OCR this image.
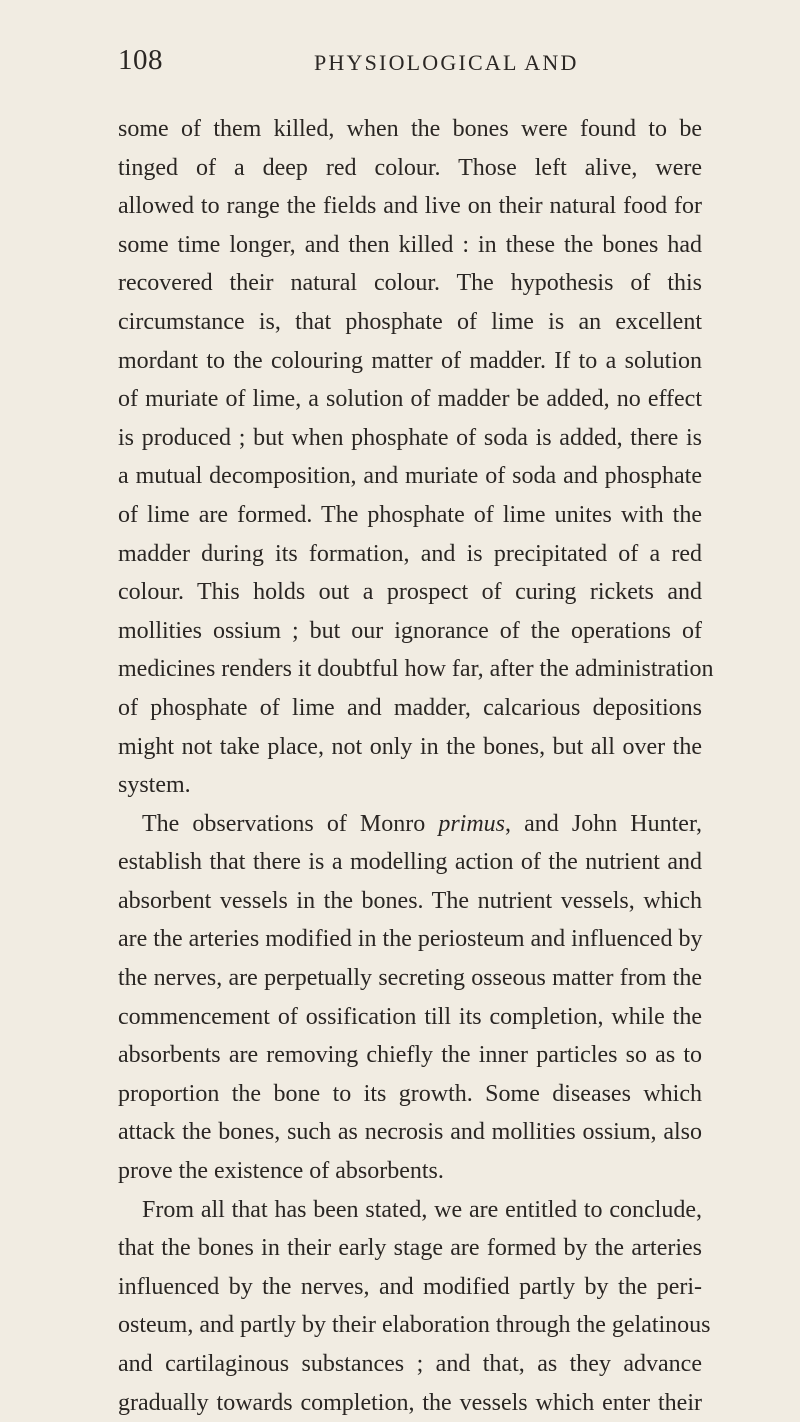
108	PHYSIOLOGICAL AND
some of them killed, when the bones were found to be
tinged of a deep red colour. Those left alive, were
allowed to range the fields and live on their natural food for
some time longer, and then killed : in these the bones had
recovered their natural colour. The hypothesis of this
circumstance is, that phosphate of lime is an excellent
mordant to the colouring matter of madder. If to a solution
of muriate of lime, a solution of madder be added, no effect
is produced ; but when phosphate of soda is added, there is
a mutual decomposition, and muriate of soda and phosphate
of lime are formed. The phosphate of lime unites with the
madder during its formation, and is precipitated of a red
colour. This holds out a prospect of curing rickets and
mollities ossium ; but our ignorance of the operations of
medicines renders it doubtful how far, after the administration
of phosphate of lime and madder, calcarious depositions
might not take place, not only in the bones, but all over the
system.
The observations of Monro primus, and John Hunter,
establish that there is a modelling action of the nutrient and
absorbent vessels in the bones. The nutrient vessels, which
are the arteries modified in the periosteum and influenced by
the nerves, are perpetually secreting osseous matter from the
commencement of ossification till its completion, while the
absorbents are removing chiefly the inner particles so as to
proportion the bone to its growth. Some diseases which
attack the bones, such as necrosis and mollities ossium, also
prove the existence of absorbents.
From all that has been stated, we are entitled to conclude,
that the bones in their early stage are formed by the arteries
influenced by the nerves, and modified partly by the peri-
osteum, and partly by their elaboration through the gelatinous
and cartilaginous substances ; and that, as they advance
gradually towards completion, the vessels which enter their
